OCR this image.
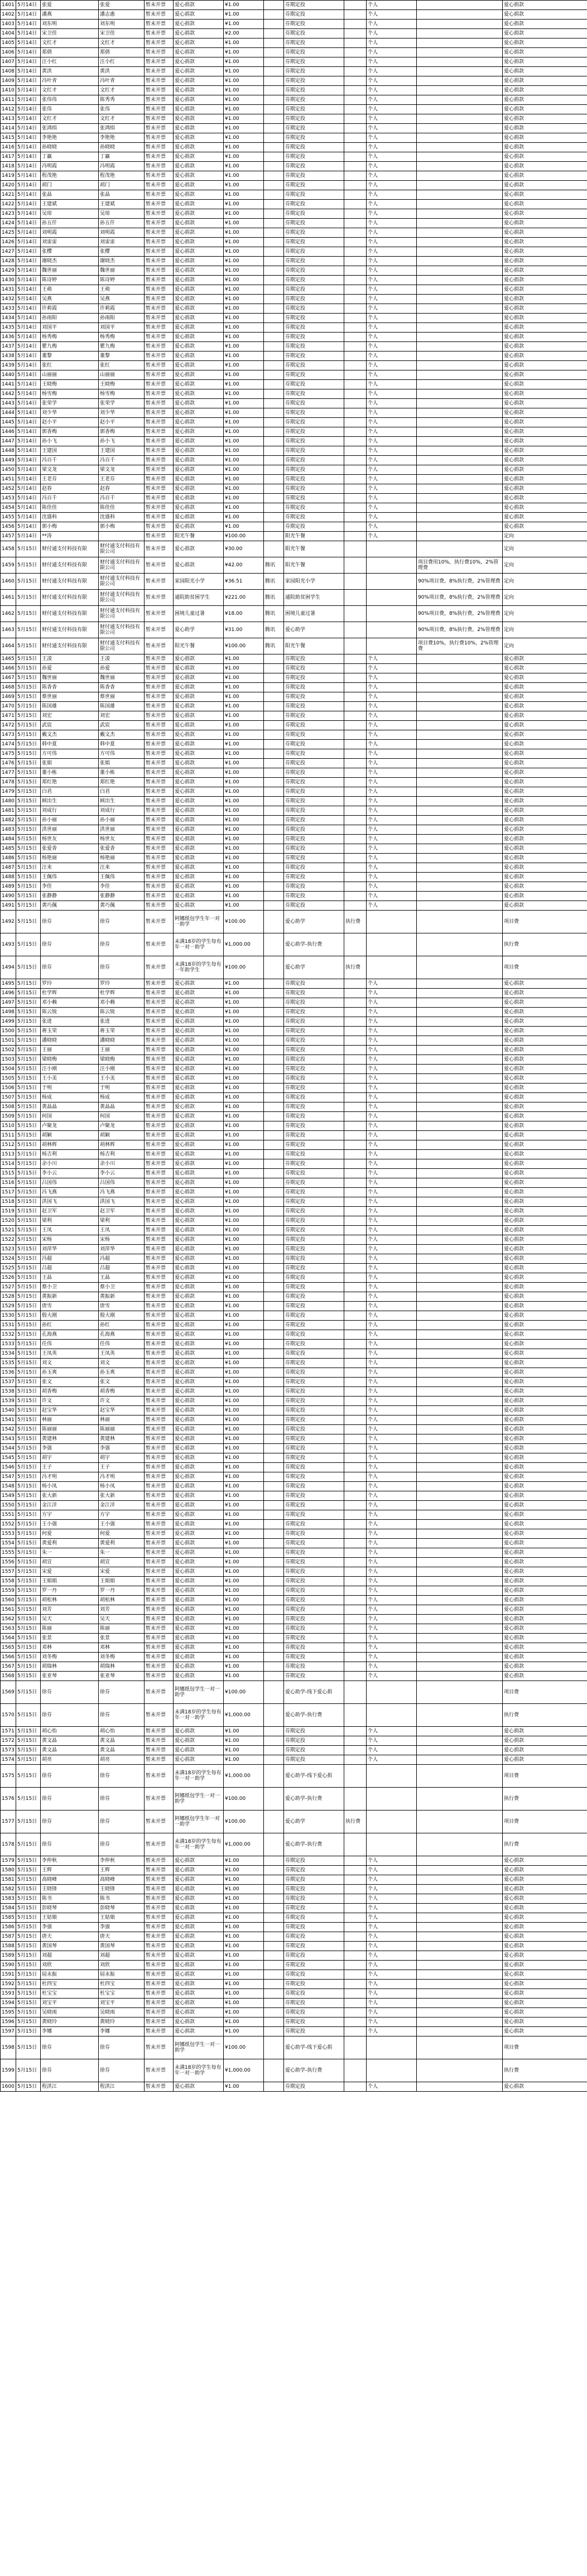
1401	5月14日	张爱	张爱	暂未开票	爱心捐款	¥1.00		芬期定投		个人		爱心捐款
1402	5月14日	潘燕	潘志惠	暂未开票	爱心捐款	¥1.00		芬期定投		个人		爱心捐款
1403	5月14日	刘东明	刘东明	暂未开票	爱心捐款	¥1.00		芬期定投		个人		爱心捐款
1404	5月14日	宋卫佳	宋卫佳	暂未开票	爱心捐款	¥2.00		芬期定投		个人		爱心捐款
1405	5月14日	文红才	文红才	暂未开票	爱心捐款	¥1.00		芬期定投		个人		爱心捐款
1406	5月14日	郑倩	郑倩	暂未开票	爱心捐款	¥1.00		芬期定投		个人		爱心捐款
1407	5月14日	汪小红	汪小红	暂未开票	爱心捐款	¥1.00		芬期定投		个人		爱心捐款
1408	5月14日	黄洪	黄洪	暂未开票	爱心捐款	¥1.00		芬期定投		个人		爱心捐款
1409	5月14日	冯叶青	冯叶青	暂未开票	爱心捐款	¥1.00		芬期定投		个人		爱心捐款
1410	5月14日	文红才	文红才	暂未开票	爱心捐款	¥1.00		芬期定投		个人		爱心捐款
1411	5月14日	张伟伟	陈秀秀	暂未开票	爱心捐款	¥1.00		芬期定投		个人		爱心捐款
1412	5月14日	张伟	张伟	暂未开票	爱心捐款	¥1.00		芬期定投		个人		爱心捐款
1413	5月14日	文红才	文红才	暂未开票	爱心捐款	¥1.00		芬期定投		个人		爱心捐款
1414	5月14日	张鸿绢	张鸿绢	暂未开票	爱心捐款	¥1.00		芬期定投		个人		爱心捐款
1415	5月14日	李艳艳	李艳艳	暂未开票	爱心捐款	¥1.00		芬期定投		个人		爱心捐款
1416	5月14日	孙晓晓	孙晓晓	暂未开票	爱心捐款	¥1.00		芬期定投		个人		爱心捐款
1417	5月14日	丁赢	丁赢	暂未开票	爱心捐款	¥1.00		芬期定投		个人		爱心捐款
1418	5月14日	冯明霞	冯明霞	暂未开票	爱心捐款	¥1.00		芬期定投		个人		爱心捐款
1419	5月14日	程茂艳	程茂艳	暂未开票	爱心捐款	¥1.00		芬期定投		个人		爱心捐款
1420	5月14日	胡门	胡门	暂未开票	爱心捐款	¥1.00		芬期定投		个人		爱心捐款
1421	5月14日	张晶	张晶	暂未开票	爱心捐款	¥1.00		芬期定投		个人		爱心捐款
1422	5月14日	王建斌	王建斌	暂未开票	爱心捐款	¥1.00		芬期定投		个人		爱心捐款
1423	5月14日	吴琼	吴琼	暂未开票	爱心捐款	¥1.00		芬期定投		个人		爱心捐款
1424	5月14日	孙五仟	孙五仟	暂未开票	爱心捐款	¥1.00		芬期定投		个人		爱心捐款
1425	5月14日	刘明霞	刘明霞	暂未开票	爱心捐款	¥1.00		芬期定投		个人		爱心捐款
1426	5月14日	刘雷雷	刘雷雷	暂未开票	爱心捐款	¥1.00		芬期定投		个人		爱心捐款
1427	5月14日	张樱	张樱	暂未开票	爱心捐款	¥1.00		芬期定投		个人		爱心捐款
1428	5月14日	谢晓杰	谢晓杰	暂未开票	爱心捐款	¥1.00		芬期定投		个人		爱心捐款
1429	5月14日	魏世丽	魏世丽	暂未开票	爱心捐款	¥1.00		芬期定投		个人		爱心捐款
1430	5月14日	陈诗婷	陈诗婷	暂未开票	爱心捐款	¥1.00		芬期定投		个人		爱心捐款
1431	5月14日	王萌	王萌	暂未开票	爱心捐款	¥1.00		芬期定投		个人		爱心捐款
1432	5月14日	吴燕	吴燕	暂未开票	爱心捐款	¥1.00		芬期定投		个人		爱心捐款
1433	5月14日	许莉霞	许莉霞	暂未开票	爱心捐款	¥1.00		芬期定投		个人		爱心捐款
1434	5月14日	孙雨阳	孙雨阳	暂未开票	爱心捐款	¥1.00		芬期定投		个人		爱心捐款
1435	5月14日	刘国平	刘国平	暂未开票	爱心捐款	¥1.00		芬期定投		个人		爱心捐款
1436	5月14日	杨秀梅	杨秀梅	暂未开票	爱心捐款	¥1.00		芬期定投		个人		爱心捐款
1437	5月14日	瞿九梅	瞿九梅	暂未开票	爱心捐款	¥1.00		芬期定投		个人		爱心捐款
1438	5月14日	董黎	董黎	暂未开票	爱心捐款	¥1.00		芬期定投		个人		爱心捐款
1439	5月14日	张红	张红	暂未开票	爱心捐款	¥1.00		芬期定投		个人		爱心捐款
1440	5月14日	山丽丽	山丽丽	暂未开票	爱心捐款	¥1.00		芬期定投		个人		爱心捐款
1441	5月14日	王晓梅	王晓梅	暂未开票	爱心捐款	¥1.00		芬期定投		个人		爱心捐款
1442	5月14日	杨雪梅	杨雪梅	暂未开票	爱心捐款	¥1.00		芬期定投		个人		爱心捐款
1443	5月14日	张荣学	张荣学	暂未开票	爱心捐款	¥1.00		芬期定投		个人		爱心捐款
1444	5月14日	刘少华	刘少华	暂未开票	爱心捐款	¥1.00		芬期定投		个人		爱心捐款
1445	5月14日	赵小平	赵小平	暂未开票	爱心捐款	¥1.00		芬期定投		个人		爱心捐款
1446	5月14日	郭香梅	郭香梅	暂未开票	爱心捐款	¥1.00		芬期定投		个人		爱心捐款
1447	5月14日	孙小飞	孙小飞	暂未开票	爱心捐款	¥1.00		芬期定投		个人		爱心捐款
1448	5月14日	王建国	王建国	暂未开票	爱心捐款	¥1.00		芬期定投		个人		爱心捐款
1449	5月14日	冯百千	冯百千	暂未开票	爱心捐款	¥1.00		芬期定投		个人		爱心捐款
1450	5月14日	梁文龙	梁文龙	暂未开票	爱心捐款	¥1.00		芬期定投		个人		爱心捐款
1451	5月14日	王老芬	王老芬	暂未开票	爱心捐款	¥1.00		芬期定投		个人		爱心捐款
1452	5月14日	赵春	赵春	暂未开票	爱心捐款	¥1.00		芬期定投		个人		爱心捐款
1453	5月14日	冯百千	冯百千	暂未开票	爱心捐款	¥1.00		芬期定投		个人		爱心捐款
1454	5月14日	陈佳佳	陈佳佳	暂未开票	爱心捐款	¥1.00		芬期定投		个人		爱心捐款
1455	5月14日	沈盛科	沈盛科	暂未开票	爱心捐款	¥1.00		芬期定投		个人		爱心捐款
1456	5月14日	郭小梅	郭小梅	暂未开票	爱心捐款	¥1.00		芬期定投		个人		爱心捐款
1457	5月14日	**涛		暂未开票	阳光午餐	¥100.00		阳光午餐		个人		定向
1458	5月15日	财付通支付科技有限	财付通支付科技有限公司	暂未开票	爱心捐款	¥30.00		阳光午餐				定向
1459	5月15日	财付通支付科技有限	财付通支付科技有限公司	暂未开票	爱心捐款	¥42.00	腾讯	阳光午餐			项目费用10%，执行费10%，2%管理费	定向
1460	5月15日	财付通支付科技有限	财付通支付科技有限公司	暂未开票	家园阳光小学	¥36.51	腾讯	家园阳光小学			90%项目费，8%执行费，2%管理费	定向
1461	5月15日	财付通支付科技有限	财付通支付科技有限公司	暂未开票	通院助贫困学生	¥221.00	腾讯	通院助贫困学生			90%项目费，8%执行费，2%管理费	定向
1462	5月15日	财付通支付科技有限	财付通支付科技有限公司	暂未开票	困境儿童过暑	¥18.00	腾讯	困境儿童过暑			90%项目费，8%执行费，2%管理费	定向
1463	5月15日	财付通支付科技有限	财付通支付科技有限公司	暂未开票	爱心助学	¥31.00	腾讯	爱心助学			90%项目费，8%执行费，2%管理费	定向
1464	5月15日	财付通支付科技有限	财付通支付科技有限公司	暂未开票	阳光午餐	¥100.00	腾讯	阳光午餐			项目费10%，执行费10%，2%管理费	定向
1465	5月15日	王凌	王凌	暂未开票	爱心捐款	¥1.00		芬期定投		个人		爱心捐款
1466	5月15日	孙爱	孙爱	暂未开票	爱心捐款	¥1.00		芬期定投		个人		爱心捐款
1467	5月15日	魏世丽	魏世丽	暂未开票	爱心捐款	¥1.00		芬期定投		个人		爱心捐款
1468	5月15日	陈香香	陈香香	暂未开票	爱心捐款	¥1.00		芬期定投		个人		爱心捐款
1469	5月15日	蔡世丽	蔡世丽	暂未开票	爱心捐款	¥1.00		芬期定投		个人		爱心捐款
1470	5月15日	陈国雄	陈国雄	暂未开票	爱心捐款	¥1.00		芬期定投		个人		爱心捐款
1471	5月15日	刘宏	刘宏	暂未开票	爱心捐款	¥1.00		芬期定投		个人		爱心捐款
1472	5月15日	武宸	武宸	暂未开票	爱心捐款	¥1.00		芬期定投		个人		爱心捐款
1473	5月15日	戴文杰	戴文杰	暂未开票	爱心捐款	¥1.00		芬期定投		个人		爱心捐款
1474	5月15日	韩中夏	韩中夏	暂未开票	爱心捐款	¥1.00		芬期定投		个人		爱心捐款
1475	5月15日	方可伟	方可伟	暂未开票	爱心捐款	¥1.00		芬期定投		个人		爱心捐款
1476	5月15日	张娟	张娟	暂未开票	爱心捐款	¥1.00		芬期定投		个人		爱心捐款
1477	5月15日	董小栋	董小栋	暂未开票	爱心捐款	¥1.00		芬期定投		个人		爱心捐款
1478	5月15日	郑红艳	郑红艳	暂未开票	爱心捐款	¥1.00		芬期定投		个人		爱心捐款
1479	5月15日	白君	白君	暂未开票	爱心捐款	¥1.00		芬期定投		个人		爱心捐款
1480	5月15日	顾出生	顾出生	暂未开票	爱心捐款	¥1.00		芬期定投		个人		爱心捐款
1481	5月15日	刘成行	刘成行	暂未开票	爱心捐款	¥1.00		芬期定投		个人		爱心捐款
1482	5月15日	孙小丽	孙小丽	暂未开票	爱心捐款	¥1.00		芬期定投		个人		爱心捐款
1483	5月15日	洪世丽	洪世丽	暂未开票	爱心捐款	¥1.00		芬期定投		个人		爱心捐款
1484	5月15日	杨世友	杨世友	暂未开票	爱心捐款	¥1.00		芬期定投		个人		爱心捐款
1485	5月15日	张爱香	张爱香	暂未开票	爱心捐款	¥1.00		芬期定投		个人		爱心捐款
1486	5月15日	杨艳丽	杨艳丽	暂未开票	爱心捐款	¥1.00		芬期定投		个人		爱心捐款
1487	5月15日	汪来	汪来	暂未开票	爱心捐款	¥1.00		芬期定投		个人		爱心捐款
1488	5月15日	王佩伟	王佩伟	暂未开票	爱心捐款	¥1.00		芬期定投		个人		爱心捐款
1489	5月15日	李佳	李佳	暂未开票	爱心捐款	¥1.00		芬期定投		个人		爱心捐款
1490	5月15日	张静静	张静静	暂未开票	爱心捐款	¥1.00		芬期定投		个人		爱心捐款
1491	5月15日	黄巧佩	黄巧佩	暂未开票	爱心捐款	¥1.00		芬期定投		个人		爱心捐款
1492	5月15日	徐芬	徐芬	暂未开票	阿娜纸包学生年一对一助学	¥100.00		爱心助学	执行费			项目费
1493	5月15日	徐芬	徐芬	暂未开票	未满18岁的学生每有年一对一助学	¥1,000.00		爱心助学-执行费				执行费
1494	5月15日	徐芬	徐芬	暂未开票	未满18岁的学生每有一年助学生	¥100.00		爱心助学	执行费			项目费
1495	5月15日	罗玲	罗玲	暂未开票	爱心捐款	¥1.00		芬期定投		个人		爱心捐款
1496	5月15日	杜学辉	杜学辉	暂未开票	爱心捐款	¥1.00		芬期定投		个人		爱心捐款
1497	5月15日	邓小赖	邓小赖	暂未开票	爱心捐款	¥1.00		芬期定投		个人		爱心捐款
1498	5月15日	陈云锐	陈云锐	暂未开票	爱心捐款	¥1.00		芬期定投		个人		爱心捐款
1499	5月15日	张进	张进	暂未开票	爱心捐款	¥1.00		芬期定投		个人		爱心捐款
1500	5月15日	蒋玉荣	蒋玉荣	暂未开票	爱心捐款	¥1.00		芬期定投		个人		爱心捐款
1501	5月15日	潘晓晓	潘晓晓	暂未开票	爱心捐款	¥1.00		芬期定投		个人		爱心捐款
1502	5月15日	王丽	王丽	暂未开票	爱心捐款	¥1.00		芬期定投		个人		爱心捐款
1503	5月15日	梁晓梅	梁晓梅	暂未开票	爱心捐款	¥1.00		芬期定投		个人		爱心捐款
1504	5月15日	汪小刚	汪小刚	暂未开票	爱心捐款	¥1.00		芬期定投		个人		爱心捐款
1505	5月15日	王小美	王小美	暂未开票	爱心捐款	¥1.00		芬期定投		个人		爱心捐款
1506	5月15日	于明	于明	暂未开票	爱心捐款	¥1.00		芬期定投		个人		爱心捐款
1507	5月15日	杨成	杨成	暂未开票	爱心捐款	¥1.00		芬期定投		个人		爱心捐款
1508	5月15日	黄晶晶	黄晶晶	暂未开票	爱心捐款	¥1.00		芬期定投		个人		爱心捐款
1509	5月15日	何国	何国	暂未开票	爱心捐款	¥1.00		芬期定投		个人		爱心捐款
1510	5月15日	卢聚龙	卢聚龙	暂未开票	爱心捐款	¥1.00		芬期定投		个人		爱心捐款
1511	5月15日	胡颖	胡颖	暂未开票	爱心捐款	¥1.00		芬期定投		个人		爱心捐款
1512	5月15日	胡林辉	胡林辉	暂未开票	爱心捐款	¥1.00		芬期定投		个人		爱心捐款
1513	5月15日	杨吉利	杨吉利	暂未开票	爱心捐款	¥1.00		芬期定投		个人		爱心捐款
1514	5月15日	余小川	余小川	暂未开票	爱心捐款	¥1.00		芬期定投		个人		爱心捐款
1515	5月15日	李小云	李小云	暂未开票	爱心捐款	¥1.00		芬期定投		个人		爱心捐款
1516	5月15日	吕国伟	吕国伟	暂未开票	爱心捐款	¥1.00		芬期定投		个人		爱心捐款
1517	5月15日	冯飞燕	冯飞燕	暂未开票	爱心捐款	¥1.00		芬期定投		个人		爱心捐款
1518	5月15日	洪国飞	洪国飞	暂未开票	爱心捐款	¥1.00		芬期定投		个人		爱心捐款
1519	5月15日	赵卫军	赵卫军	暂未开票	爱心捐款	¥1.00		芬期定投		个人		爱心捐款
1520	5月15日	梁利	梁利	暂未开票	爱心捐款	¥1.00		芬期定投		个人		爱心捐款
1521	5月15日	王凤	王凤	暂未开票	爱心捐款	¥1.00		芬期定投		个人		爱心捐款
1522	5月15日	宋杨	宋杨	暂未开票	爱心捐款	¥1.00		芬期定投		个人		爱心捐款
1523	5月15日	刘萍华	刘萍华	暂未开票	爱心捐款	¥1.00		芬期定投		个人		爱心捐款
1524	5月15日	冯超	冯超	暂未开票	爱心捐款	¥1.00		芬期定投		个人		爱心捐款
1525	5月15日	吕超	吕超	暂未开票	爱心捐款	¥1.00		芬期定投		个人		爱心捐款
1526	5月15日	王晶	王晶	暂未开票	爱心捐款	¥1.00		芬期定投		个人		爱心捐款
1527	5月15日	蔡小卫	蔡小卫	暂未开票	爱心捐款	¥1.00		芬期定投		个人		爱心捐款
1528	5月15日	黄振新	黄振新	暂未开票	爱心捐款	¥1.00		芬期定投		个人		爱心捐款
1529	5月15日	唐雪	唐雪	暂未开票	爱心捐款	¥1.00		芬期定投		个人		爱心捐款
1530	5月15日	殷大刚	殷大刚	暂未开票	爱心捐款	¥1.00		芬期定投		个人		爱心捐款
1531	5月15日	孙红	孙红	暂未开票	爱心捐款	¥1.00		芬期定投		个人		爱心捐款
1532	5月15日	孔海燕	孔海燕	暂未开票	爱心捐款	¥1.00		芬期定投		个人		爱心捐款
1533	5月15日	任伟	任伟	暂未开票	爱心捐款	¥1.00		芬期定投		个人		爱心捐款
1534	5月15日	王凤英	王凤英	暂未开票	爱心捐款	¥1.00		芬期定投		个人		爱心捐款
1535	5月15日	刘文	刘文	暂未开票	爱心捐款	¥1.00		芬期定投		个人		爱心捐款
1536	5月15日	孙玉爽	孙玉爽	暂未开票	爱心捐款	¥1.00		芬期定投		个人		爱心捐款
1537	5月15日	张文	张文	暂未开票	爱心捐款	¥1.00		芬期定投		个人		爱心捐款
1538	5月15日	胡香梅	胡香梅	暂未开票	爱心捐款	¥1.00		芬期定投		个人		爱心捐款
1539	5月15日	许文	许文	暂未开票	爱心捐款	¥1.00		芬期定投		个人		爱心捐款
1540	5月15日	赵宝华	赵宝华	暂未开票	爱心捐款	¥1.00		芬期定投		个人		爱心捐款
1541	5月15日	林丽	林丽	暂未开票	爱心捐款	¥1.00		芬期定投		个人		爱心捐款
1542	5月15日	陈丽丽	陈丽丽	暂未开票	爱心捐款	¥1.00		芬期定投		个人		爱心捐款
1543	5月15日	黄建林	黄建林	暂未开票	爱心捐款	¥1.00		芬期定投		个人		爱心捐款
1544	5月15日	李强	李强	暂未开票	爱心捐款	¥1.00		芬期定投		个人		爱心捐款
1545	5月15日	胡宇	胡宇	暂未开票	爱心捐款	¥1.00		芬期定投		个人		爱心捐款
1546	5月15日	王子	王子	暂未开票	爱心捐款	¥1.00		芬期定投		个人		爱心捐款
1547	5月15日	冯才明	冯才明	暂未开票	爱心捐款	¥1.00		芬期定投		个人		爱心捐款
1548	5月15日	杨小凤	杨小凤	暂未开票	爱心捐款	¥1.00		芬期定投		个人		爱心捐款
1549	5月15日	张大新	张大新	暂未开票	爱心捐款	¥1.00		芬期定投		个人		爱心捐款
1550	5月15日	金江洋	金江洋	暂未开票	爱心捐款	¥1.00		芬期定投		个人		爱心捐款
1551	5月15日	方宇	方宇	暂未开票	爱心捐款	¥1.00		芬期定投		个人		爱心捐款
1552	5月15日	王小强	王小强	暂未开票	爱心捐款	¥1.00		芬期定投		个人		爱心捐款
1553	5月15日	何爱	何爱	暂未开票	爱心捐款	¥1.00		芬期定投		个人		爱心捐款
1554	5月15日	黄爱利	黄爱利	暂未开票	爱心捐款	¥1.00		芬期定投		个人		爱心捐款
1555	5月15日	朱一	朱一	暂未开票	爱心捐款	¥1.00		芬期定投		个人		爱心捐款
1556	5月15日	胡宣	胡宣	暂未开票	爱心捐款	¥1.00		芬期定投		个人		爱心捐款
1557	5月15日	宋爱	宋爱	暂未开票	爱心捐款	¥1.00		芬期定投		个人		爱心捐款
1558	5月15日	王娟娟	王娟娟	暂未开票	爱心捐款	¥1.00		芬期定投		个人		爱心捐款
1559	5月15日	罗一丹	罗一丹	暂未开票	爱心捐款	¥1.00		芬期定投		个人		爱心捐款
1560	5月15日	胡松林	胡松林	暂未开票	爱心捐款	¥1.00		芬期定投		个人		爱心捐款
1561	5月15日	刘芳	刘芳	暂未开票	爱心捐款	¥1.00		芬期定投		个人		爱心捐款
1562	5月15日	吴天	吴天	暂未开票	爱心捐款	¥1.00		芬期定投		个人		爱心捐款
1563	5月15日	陈丽	陈丽	暂未开票	爱心捐款	¥1.00		芬期定投		个人		爱心捐款
1564	5月15日	张景	张景	暂未开票	爱心捐款	¥1.00		芬期定投		个人		爱心捐款
1565	5月15日	邓林	邓林	暂未开票	爱心捐款	¥1.00		芬期定投		个人		爱心捐款
1566	5月15日	刘冬梅	刘冬梅	暂未开票	爱心捐款	¥1.00		芬期定投		个人		爱心捐款
1567	5月15日	胡瑞林	胡瑞林	暂未开票	爱心捐款	¥1.00		芬期定投		个人		爱心捐款
1568	5月15日	张亚琴	张亚琴	暂未开票	爱心捐款	¥1.00		芬期定投		个人		爱心捐款
1569	5月15日	徐芬	徐芬	暂未开票	阿娜纸包学生一对一助学	¥100.00		爱心助学-线下爱心捐				项目费
1570	5月15日	徐芬	徐芬	暂未开票	未满18岁的学生每有年一对一助学	¥1,000.00		爱心助学-执行费				执行费
1571	5月15日	胡心怡	胡心怡	暂未开票	爱心捐款	¥1.00		芬期定投		个人		爱心捐款
1572	5月15日	黄文晶	黄文晶	暂未开票	爱心捐款	¥1.00		芬期定投		个人		爱心捐款
1573	5月15日	黄文晶	黄文晶	暂未开票	爱心捐款	¥1.00		芬期定投		个人		爱心捐款
1574	5月15日	胡亮	胡亮	暂未开票	爱心捐款	¥1.00		芬期定投		个人		爱心捐款
1575	5月15日	徐芬	徐芬	暂未开票	未满18岁的学生每有年一对一助学	¥1,000.00		爱心助学-线下爱心捐				项目费
1576	5月15日	徐芬	徐芬	暂未开票	阿娜纸包学生一对一助学	¥100.00		爱心助学-执行费				执行费
1577	5月15日	徐芬	徐芬	暂未开票	阿娜纸包学生年一对一助学	¥100.00		爱心助学	执行费			项目费
1578	5月15日	徐芬	徐芬	暂未开票	未满18岁的学生每有年一对一助学	¥1,000.00		爱心助学-执行费				执行费
1579	5月15日	李仲秋	李仲秋	暂未开票	爱心捐款	¥1.00		芬期定投		个人		爱心捐款
1580	5月15日	王辉	王辉	暂未开票	爱心捐款	¥1.00		芬期定投		个人		爱心捐款
1581	5月15日	高晓峰	高晓峰	暂未开票	爱心捐款	¥1.00		芬期定投		个人		爱心捐款
1582	5月15日	王晓锋	王晓锋	暂未开票	爱心捐款	¥1.00		芬期定投		个人		爱心捐款
1583	5月15日	陈书	陈书	暂未开票	爱心捐款	¥1.00		芬期定投		个人		爱心捐款
1584	5月15日	彭晓琴	彭晓琴	暂未开票	爱心捐款	¥1.00		芬期定投		个人		爱心捐款
1585	5月15日	王姑娘	王姑娘	暂未开票	爱心捐款	¥1.00		芬期定投		个人		爱心捐款
1586	5月15日	李强	李强	暂未开票	爱心捐款	¥1.00		芬期定投		个人		爱心捐款
1587	5月15日	唐天	唐天	暂未开票	爱心捐款	¥1.00		芬期定投		个人		爱心捐款
1588	5月15日	黄国琴	黄国琴	暂未开票	爱心捐款	¥1.00		芬期定投		个人		爱心捐款
1589	5月15日	刘超	刘超	暂未开票	爱心捐款	¥1.00		芬期定投		个人		爱心捐款
1590	5月15日	刘欣	刘欣	暂未开票	爱心捐款	¥1.00		芬期定投		个人		爱心捐款
1591	5月15日	屈永振	屈永振	暂未开票	爱心捐款	¥1.00		芬期定投		个人		爱心捐款
1592	5月15日	杜四宝	杜四宝	暂未开票	爱心捐款	¥1.00		芬期定投		个人		爱心捐款
1593	5月15日	杜宝宝	杜宝宝	暂未开票	爱心捐款	¥1.00		芬期定投		个人		爱心捐款
1594	5月15日	刘宝平	刘宝平	暂未开票	爱心捐款	¥1.00		芬期定投		个人		爱心捐款
1595	5月15日	吴晓雨	吴晓雨	暂未开票	爱心捐款	¥1.00		芬期定投		个人		爱心捐款
1596	5月15日	黄晓玲	黄晓玲	暂未开票	爱心捐款	¥1.00		芬期定投		个人		爱心捐款
1597	5月15日	李娜	李娜	暂未开票	爱心捐款	¥1.00		芬期定投		个人		爱心捐款
1598	5月15日	徐芬	徐芬	暂未开票	阿娜纸包学生一对一助学	¥100.00		爱心助学-线下爱心捐				项目费
1599	5月15日	徐芬	徐芬	暂未开票	未满18岁的学生每有年一对一助学	¥1,000.00		爱心助学-执行费				执行费
1600	5月15日	程洪江	程洪江	暂未开票	爱心捐款	¥1.00		芬期定投		个人		爱心捐款
